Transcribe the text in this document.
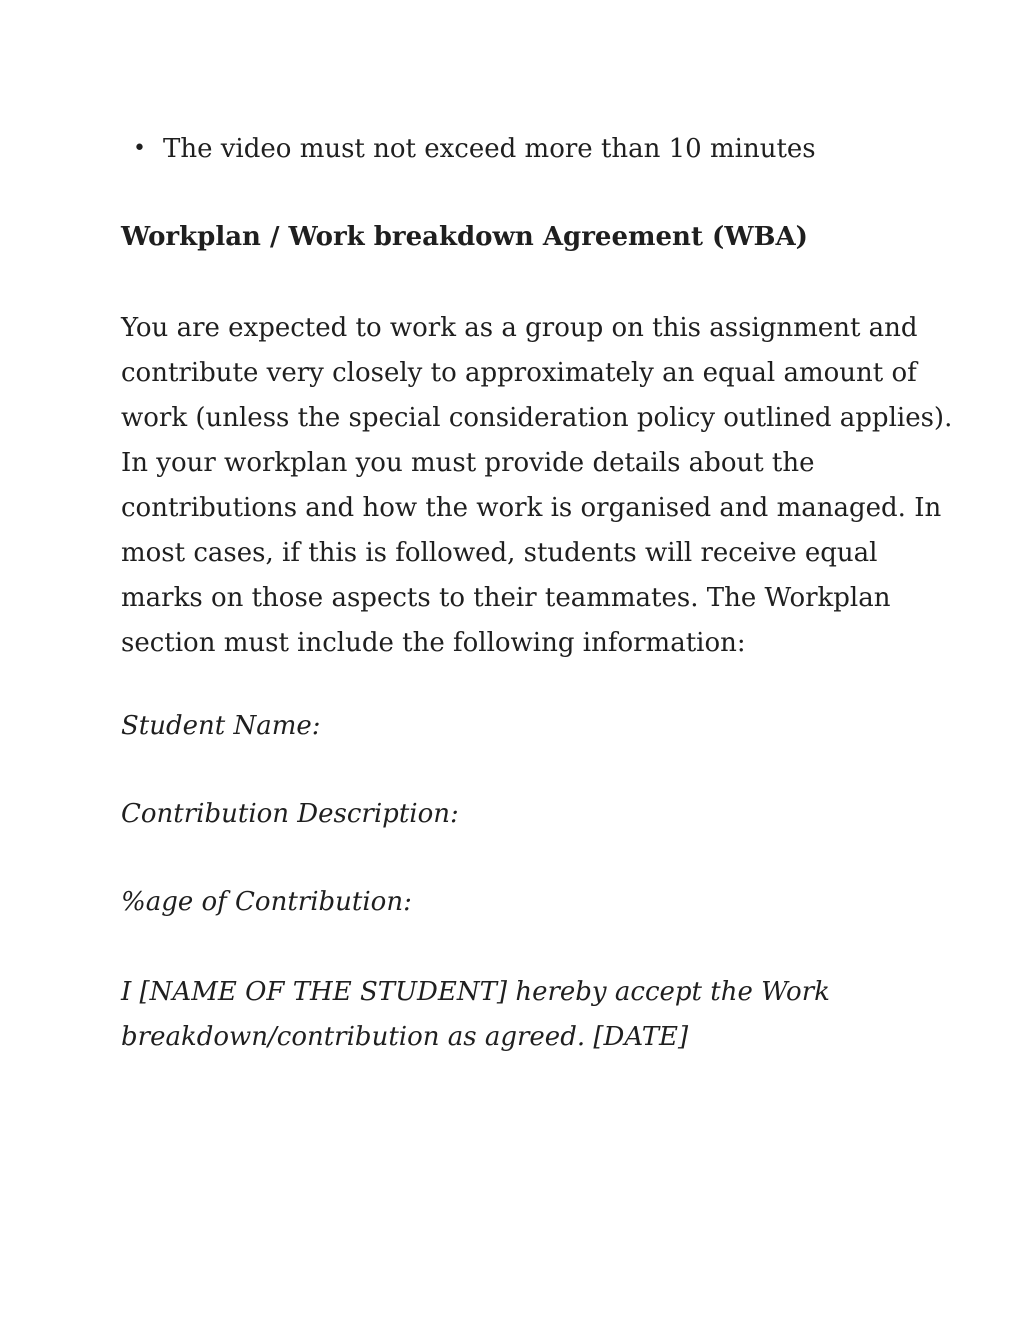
• The video must not exceed more than 10 minutes
Workplan / Work breakdown Agreement (WBA)

You are expected to work as a group on this assignment and
contribute very closely to approximately an equal amount of
work (unless the special consideration policy outlined applies).
In your workplan you must provide details about the
contributions and how the work is organised and managed. In
most cases, if this is followed, students will receive equal
marks on those aspects to their teammates. The Workplan
section must include the following information:

Student Name:

Contribution Description:

%age of Contribution:

I [NAME OF THE STUDENT] hereby accept the Work
breakdown/contribution as agreed. [DATE]
